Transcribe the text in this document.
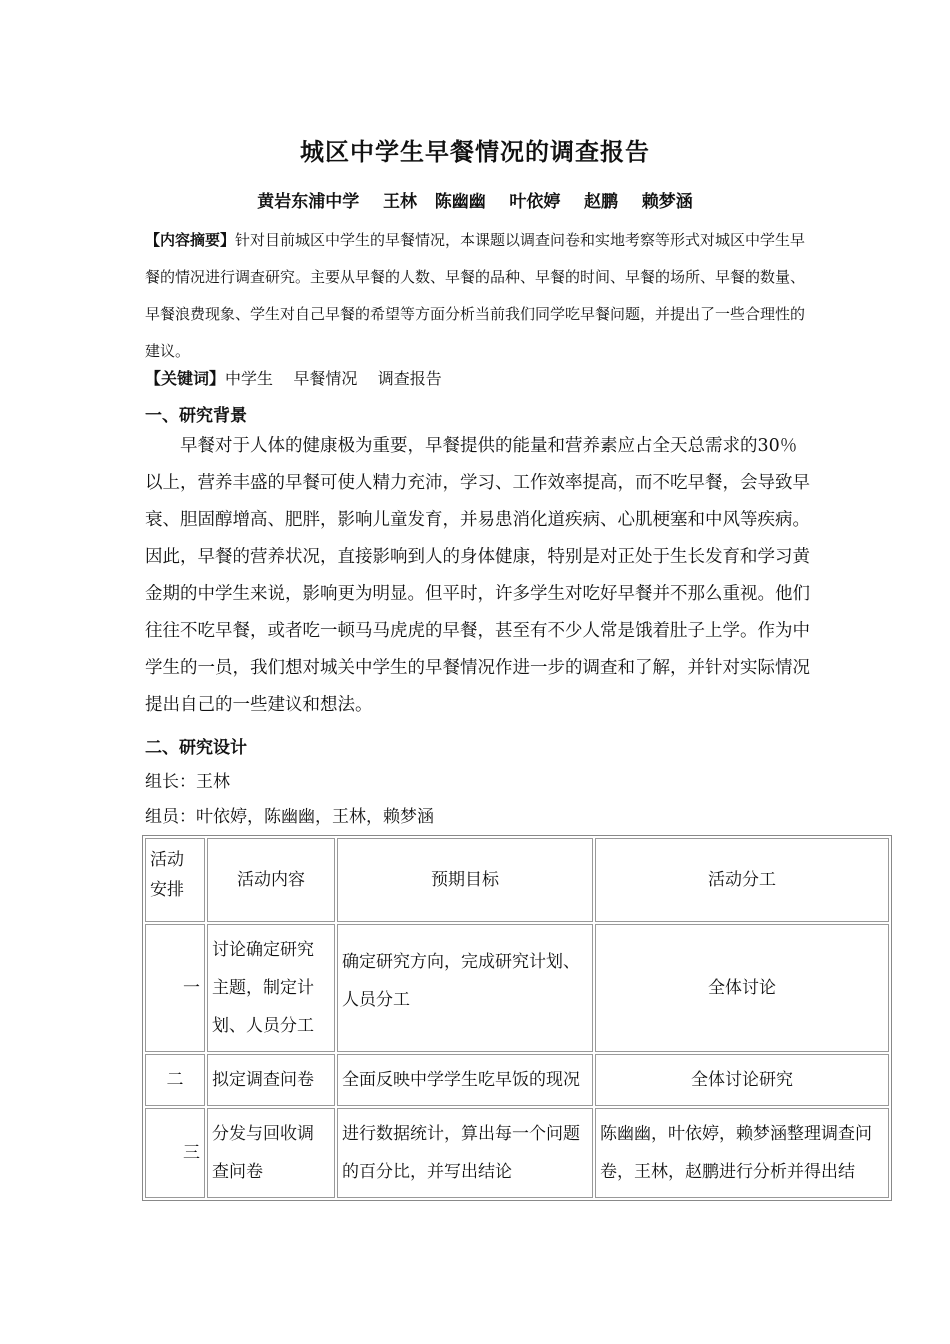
城区中学生早餐情况的调查报告
黄岩东浦中学    王林   陈幽幽    叶依婷    赵鹏    赖梦涵

【内容摘要】针对目前城区中学生的早餐情况，本课题以调查问卷和实地考察等形式对城区中学生早餐的情况进行调查研究。主要从早餐的人数、早餐的品种、早餐的时间、早餐的场所、早餐的数量、早餐浪费现象、学生对自己早餐的希望等方面分析当前我们同学吃早餐问题，并提出了一些合理性的建议。

【关键词】中学生    早餐情况    调查报告
一、研究背景

早餐对于人体的健康极为重要，早餐提供的能量和营养素应占全天总需求的30％以上，营养丰盛的早餐可使人精力充沛，学习、工作效率提高，而不吃早餐，会导致早衰、胆固醇增高、肥胖，影响儿童发育，并易患消化道疾病、心肌梗塞和中风等疾病。因此，早餐的营养状况，直接影响到人的身体健康，特别是对正处于生长发育和学习黄金期的中学生来说，影响更为明显。但平时，许多学生对吃好早餐并不那么重视。他们往往不吃早餐，或者吃一顿马马虎虎的早餐，甚至有不少人常是饿着肚子上学。作为中学生的一员，我们想对城关中学生的早餐情况作进一步的调查和了解，并针对实际情况提出自己的一些建议和想法。

二、研究设计
组长：王林
组员：叶依婷，陈幽幽，王林，赖梦涵
活动安排	活动内容	预期目标	活动分工
一	讨论确定研究主题，制定计划、人员分工	确定研究方向，完成研究计划、人员分工	全体讨论
二	拟定调查问卷	全面反映中学学生吃早饭的现况	全体讨论研究
三	分发与回收调查问卷	进行数据统计，算出每一个问题的百分比，并写出结论	陈幽幽，叶依婷，赖梦涵整理调查问卷，王林，赵鹏进行分析并得出结
